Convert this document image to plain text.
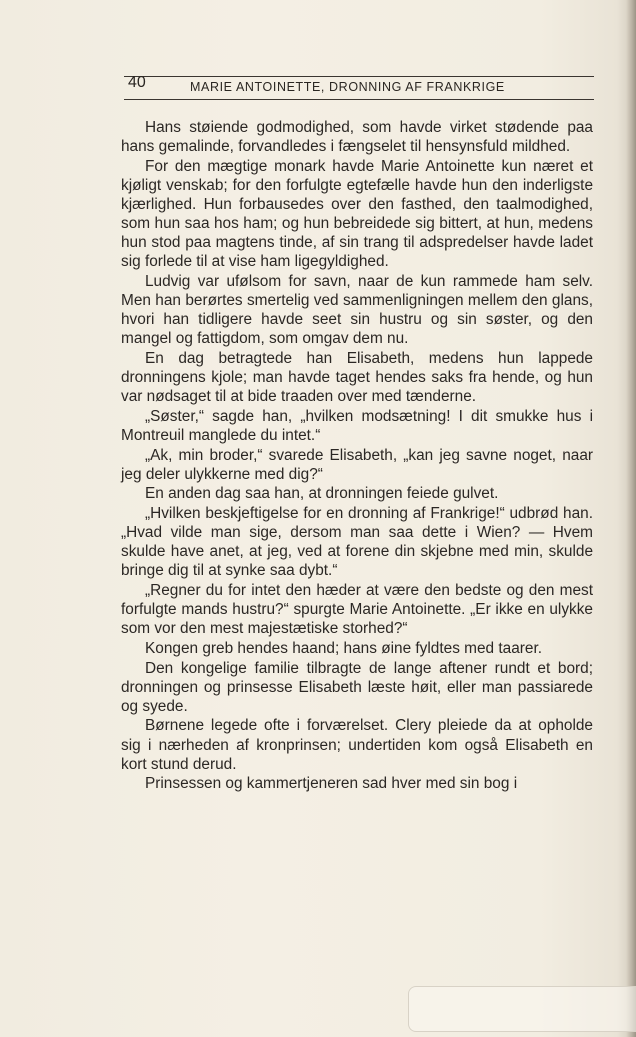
40	MARIE ANTOINETTE, DRONNING AF FRANKRIGE

Hans støiende godmodighed, som havde virket stødende paa hans gemalinde, forvandledes i fængselet til hensynsfuld mildhed.

For den mægtige monark havde Marie Antoinette kun næret et kjøligt venskab; for den forfulgte egtefælle havde hun den inderligste kjærlighed. Hun forbausedes over den fasthed, den taalmodighed, som hun saa hos ham; og hun bebreidede sig bittert, at hun, medens hun stod paa magtens tinde, af sin trang til adspredelser havde ladet sig forlede til at vise ham ligegyldighed.

Ludvig var ufølsom for savn, naar de kun rammede ham selv. Men han berørtes smertelig ved sammenligningen mellem den glans, hvori han tidligere havde seet sin hustru og sin søster, og den mangel og fattigdom, som omgav dem nu.

En dag betragtede han Elisabeth, medens hun lappede dronningens kjole; man havde taget hendes saks fra hende, og hun var nødsaget til at bide traaden over med tænderne.

„Søster,“ sagde han, „hvilken modsætning! I dit smukke hus i Montreuil manglede du intet.“

„Ak, min broder,“ svarede Elisabeth, „kan jeg savne noget, naar jeg deler ulykkerne med dig?“

En anden dag saa han, at dronningen feiede gulvet.

„Hvilken beskjeftigelse for en dronning af Frankrige!“ udbrød han. „Hvad vilde man sige, dersom man saa dette i Wien? — Hvem skulde have anet, at jeg, ved at forene din skjebne med min, skulde bringe dig til at synke saa dybt.“

„Regner du for intet den hæder at være den bedste og den mest forfulgte mands hustru?“ spurgte Marie Antoinette. „Er ikke en ulykke som vor den mest majestætiske storhed?“

Kongen greb hendes haand; hans øine fyldtes med taarer.

Den kongelige familie tilbragte de lange aftener rundt et bord; dronningen og prinsesse Elisabeth læste høit, eller man passiarede og syede.

Børnene legede ofte i forværelset. Clery pleiede da at opholde sig i nærheden af kronprinsen; undertiden kom også Elisabeth en kort stund derud.

Prinsessen og kammertjeneren sad hver med sin bog i
